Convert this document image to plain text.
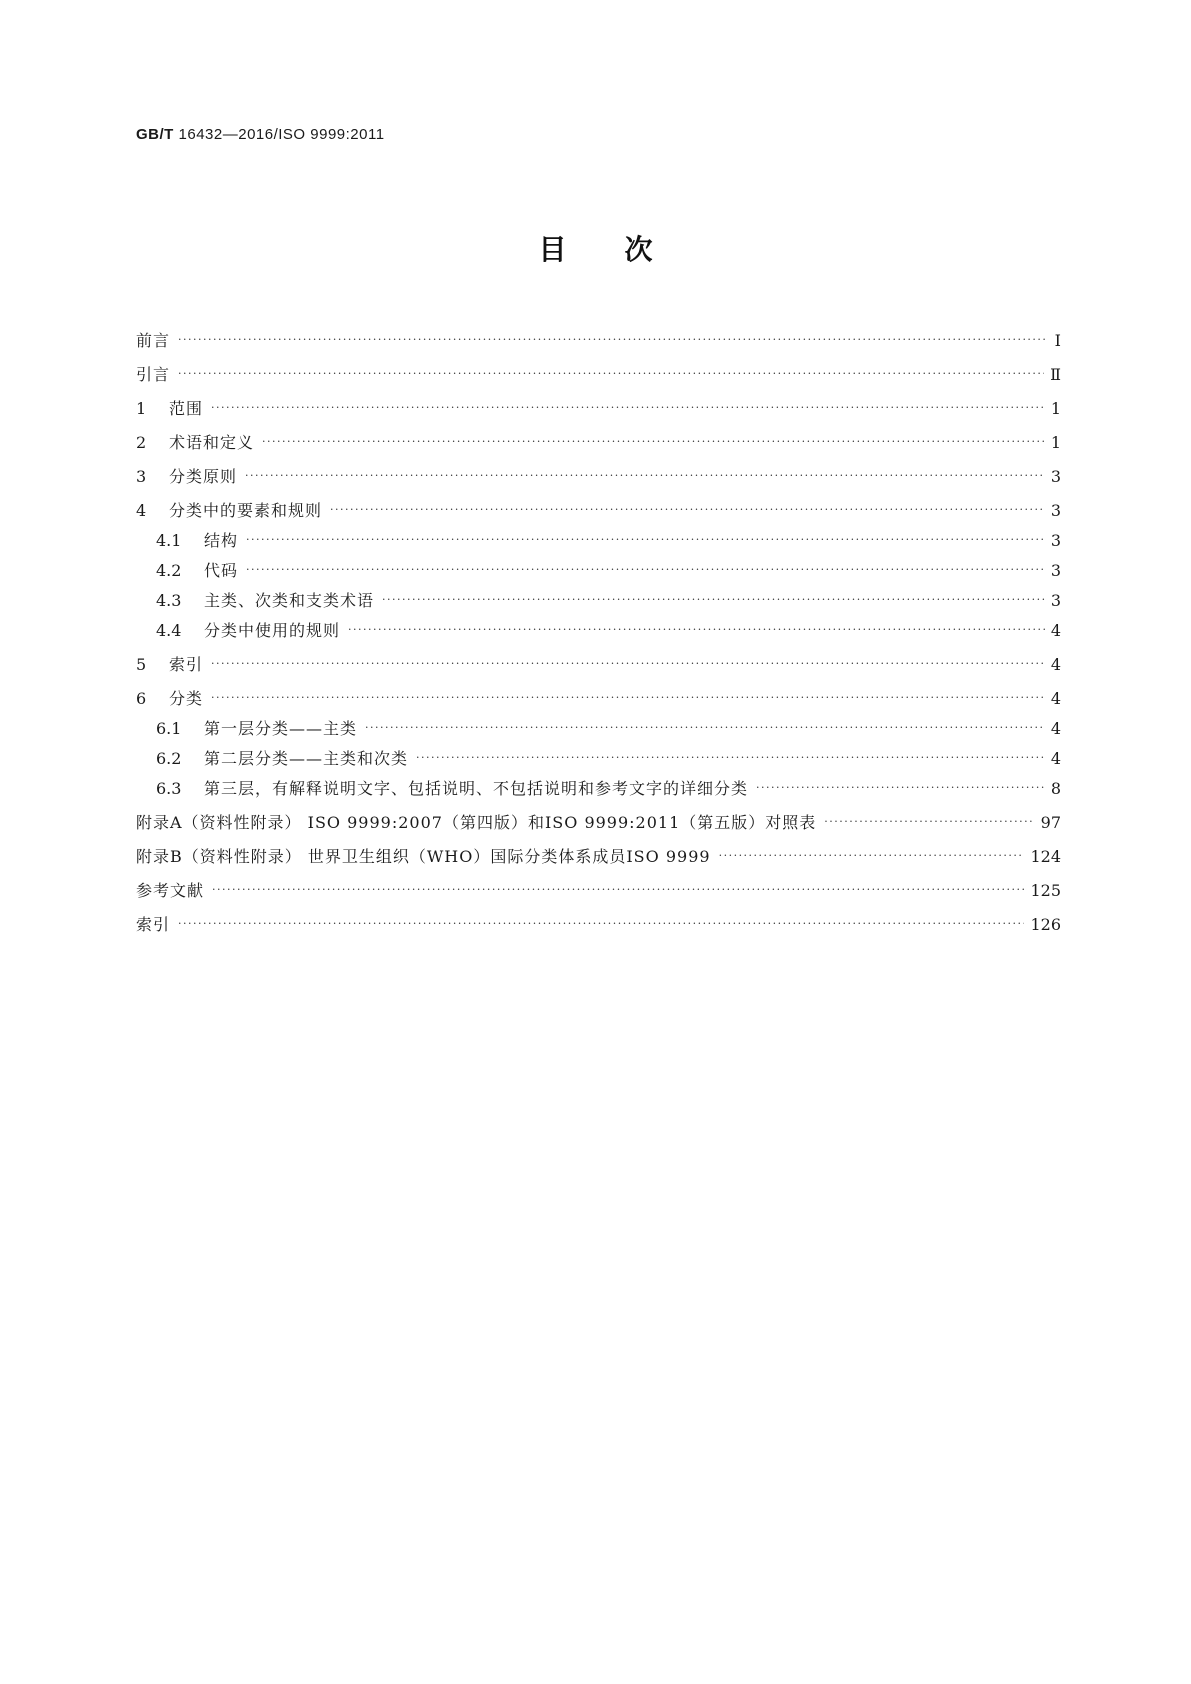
GB/T 16432—2016/ISO 9999:2011
目次
前言 ·····	Ⅰ
引言 ·····	Ⅱ
1	范围 ·····	1
2	术语和定义 ·····	1
3	分类原则 ·····	3
4	分类中的要素和规则 ·····	3
4.1	结构 ·····	3
4.2	代码 ·····	3
4.3	主类、次类和支类术语 ·····	3
4.4	分类中使用的规则 ·····	4
5	索引 ·····	4
6	分类 ·····	4
6.1	第一层分类——主类 ·····	4
6.2	第二层分类——主类和次类 ·····	4
6.3	第三层，有解释说明文字、包括说明、不包括说明和参考文字的详细分类 ·····	8
附录A（资料性附录） ISO 9999:2007（第四版）和ISO 9999:2011（第五版）对照表 ·····	97
附录B（资料性附录） 世界卫生组织（WHO）国际分类体系成员ISO 9999 ·····	124
参考文献 ·····	125
索引 ·····	126
